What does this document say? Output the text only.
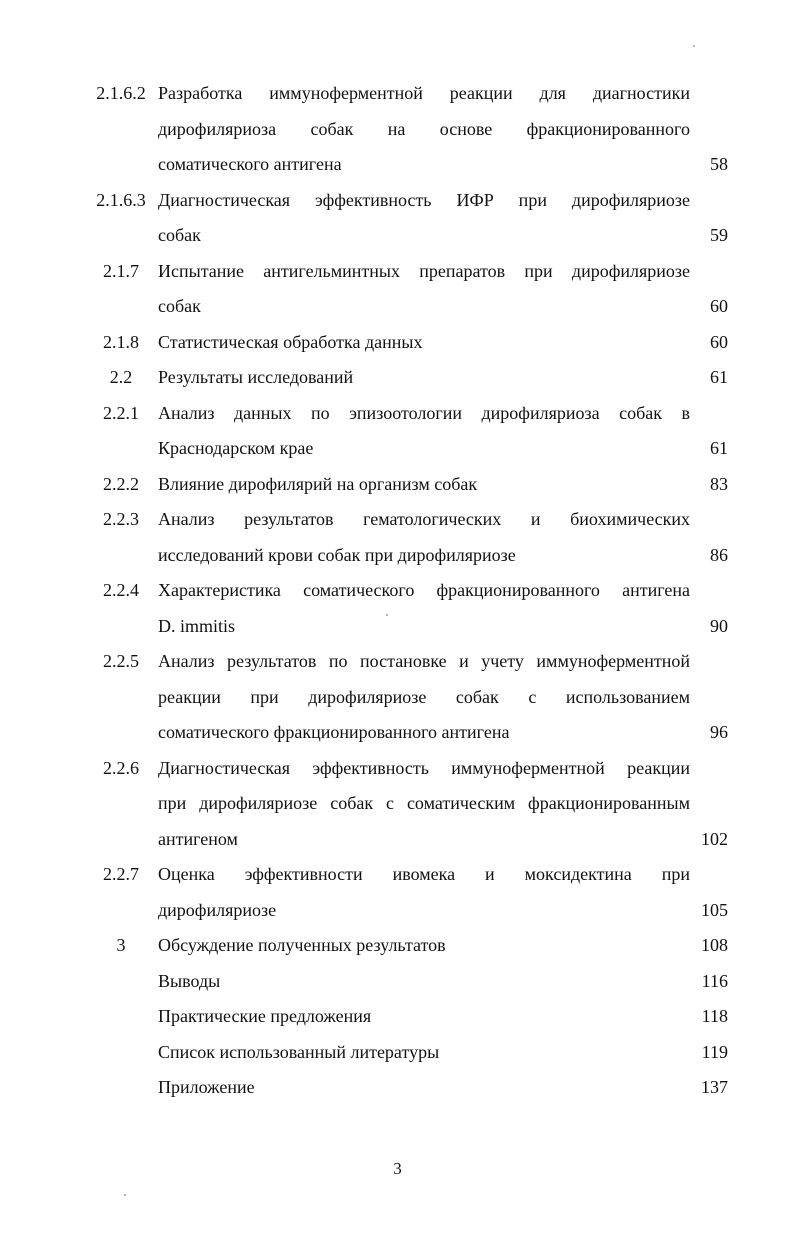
2.1.6.2 Разработка иммуноферментной реакции для диагностики
дирофиляриоза собак на основе фракционированного
соматического антигена	58
2.1.6.3 Диагностическая эффективность ИФР при дирофиляриозе
собак	59
2.1.7	Испытание антигельминтных препаратов при дирофиляриозе
собак	60
2.1.8	Статистическая обработка данных	60
2.2	Результаты исследований	61
2.2.1	Анализ данных по эпизоотологии дирофиляриоза собак в
Краснодарском крае	61
2.2.2	Влияние дирофилярий на организм собак	83
2.2.3	Анализ результатов гематологических и биохимических
исследований крови собак при дирофиляриозе	86
2.2.4	Характеристика соматического фракционированного антигена
D. immitis	90
2.2.5	Анализ результатов по постановке и учету иммуноферментной
реакции при дирофиляриозе собак с использованием
соматического фракционированного антигена	96
2.2.6	Диагностическая эффективность иммуноферментной реакции
при дирофиляриозе собак с соматическим фракционированным
антигеном	102
2.2.7	Оценка эффективности ивомека и моксидектина при
дирофиляриозе	105
3	Обсуждение полученных результатов	108
Выводы	116
Практические предложения	118
Список использованный литературы	119
Приложение	137
3
